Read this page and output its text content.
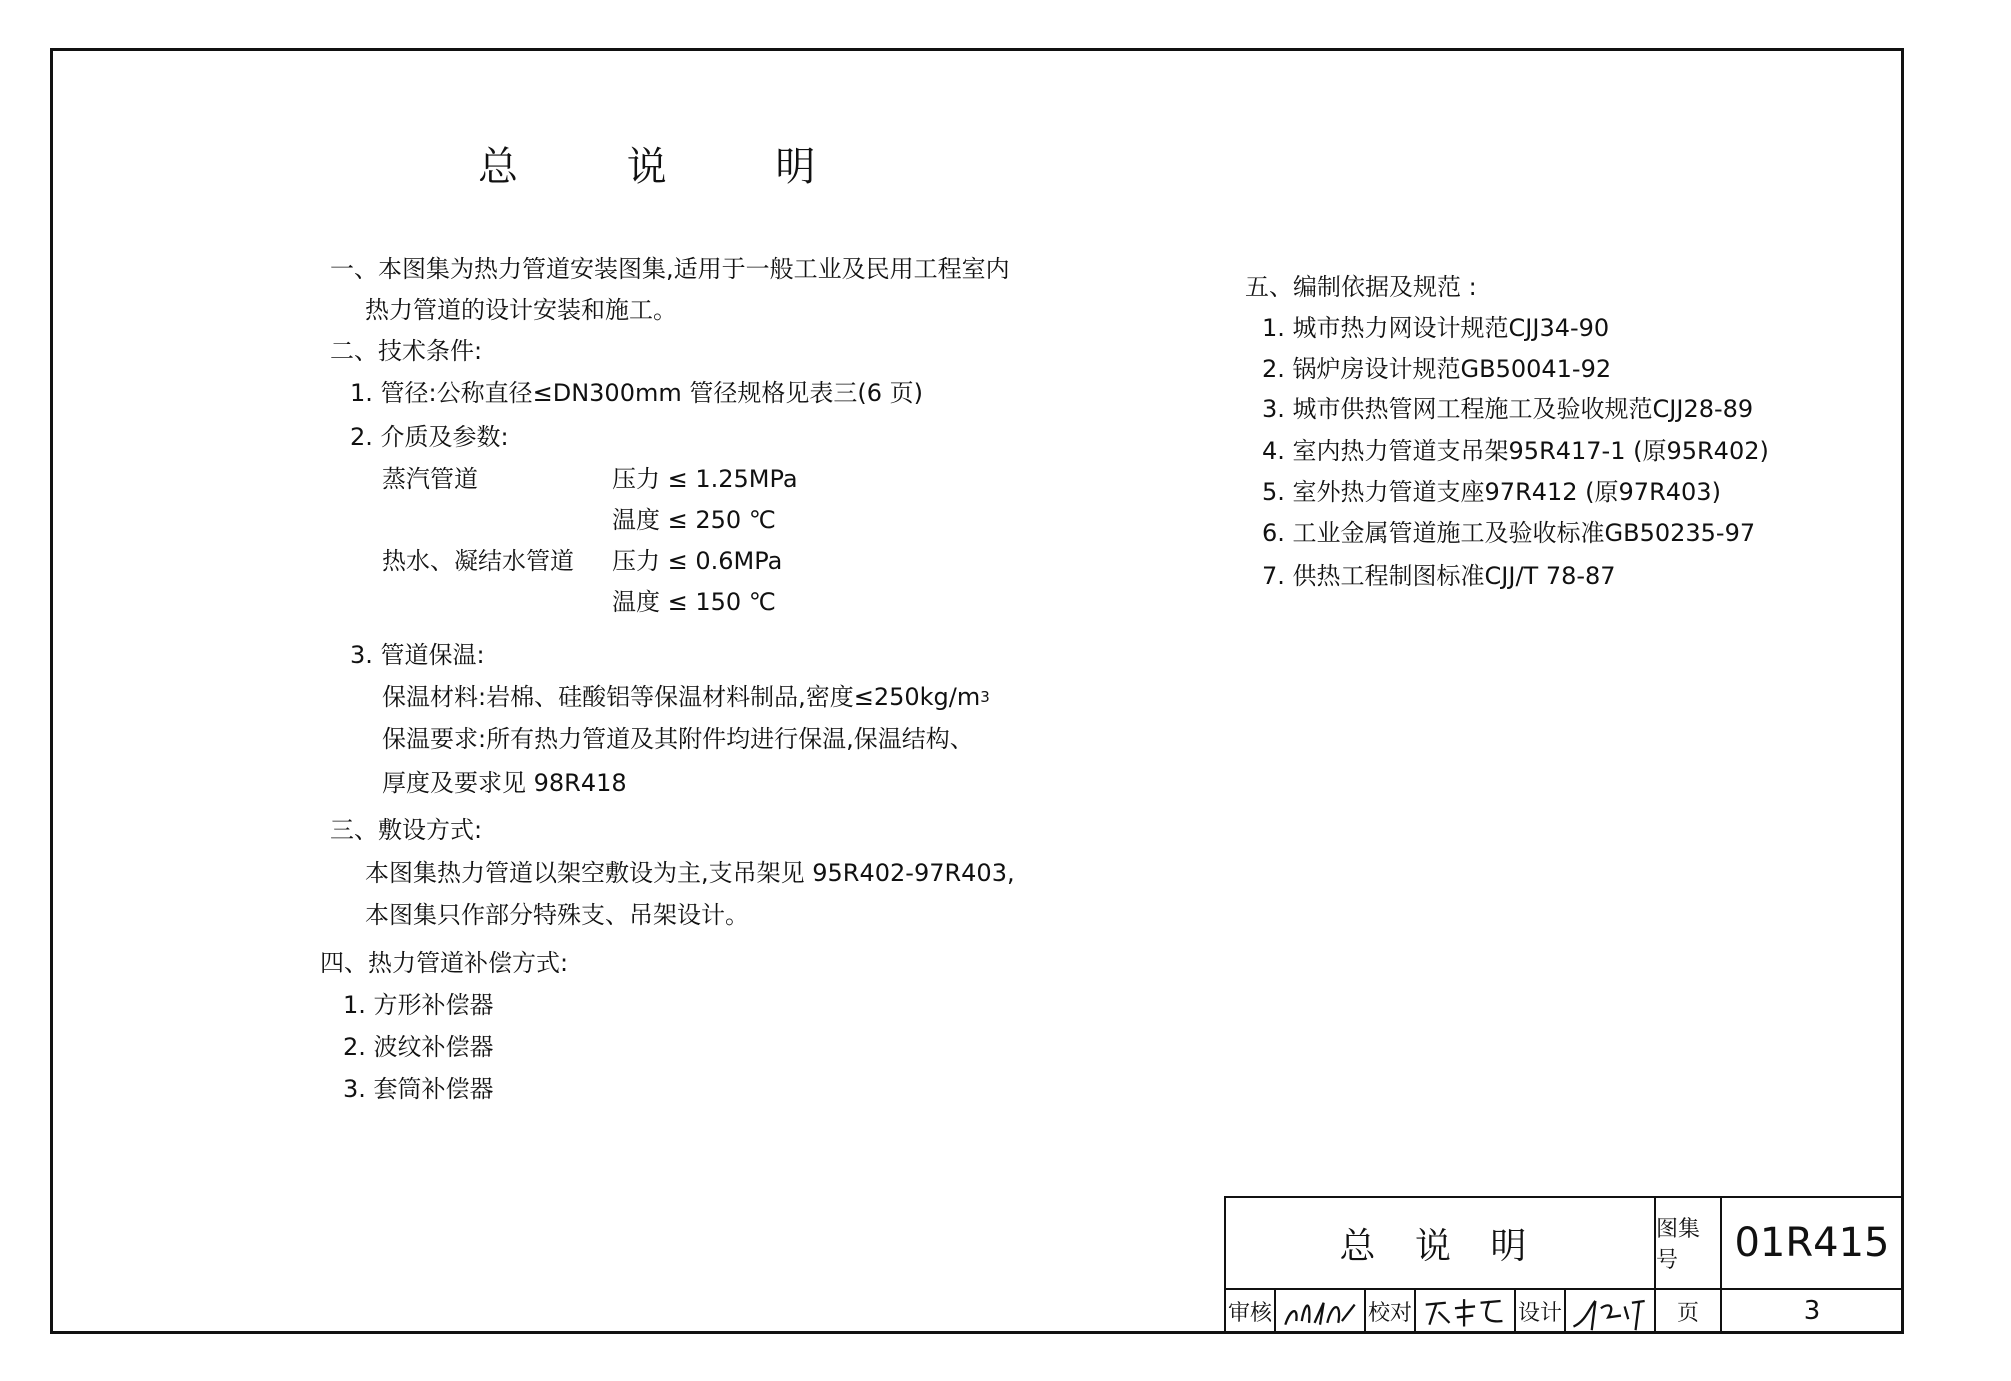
总 说 明
一、本图集为热力管道安装图集,适用于一般工业及民用工程室内
热力管道的设计安装和施工。
二、技术条件:
1. 管径:公称直径≤DN300mm 管径规格见表三(6 页)
2. 介质及参数:
蒸汽管道	压力 ≤ 1.25MPa
温度 ≤ 250 ℃
热水、凝结水管道 压力 ≤ 0.6MPa
温度 ≤ 150 ℃
3. 管道保温:
保温材料:岩棉、硅酸铝等保温材料制品,密度$\le 250kg/m^3$
保温要求:所有热力管道及其附件均进行保温,保温结构、
厚度及要求见 98R418
三、敷设方式:
本图集热力管道以架空敷设为主,支吊架见 95R402-97R403,
本图集只作部分特殊支、吊架设计。
四、热力管道补偿方式:
1. 方形补偿器
2. 波纹补偿器
3. 套筒补偿器
五、编制依据及规范 :
1. 城市热力网设计规范CJJ34-90
2. 锅炉房设计规范GB50041-92
3. 城市供热管网工程施工及验收规范CJJ28-89
4. 室内热力管道支吊架95R417-1 (原95R402)
5. 室外热力管道支座97R412 (原97R403)
6. 工业金属管道施工及验收标准GB50235-97
7. 供热工程制图标准CJJ/T 78-87
总 说 明	图集号	01R415
审核	校对	设计	页	3
